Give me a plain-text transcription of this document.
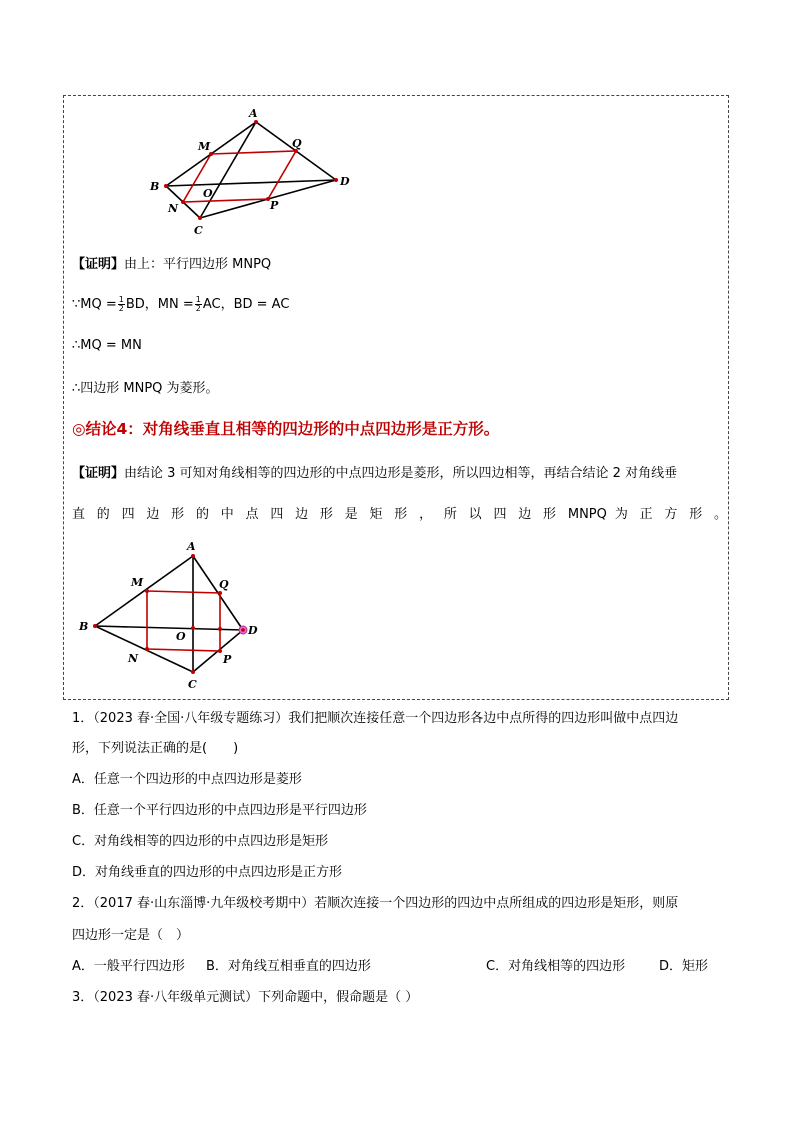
A
M	Q
B
O
D
N	P
C
【证明】由上：平行四边形 MNPQ
∵MQ = $\frac{1}{2}$ BD，MN = $\frac{1}{2}$ AC，BD = AC
∴MQ = MN
∴四边形 MNPQ 为菱形。
◎结论4：对角线垂直且相等的四边形的中点四边形是正方形。
【证明】由结论 3 可知对角线相等的四边形的中点四边形是菱形，所以四边相等，再结合结论 2 对角线垂
直 的 四 边 形 的 中 点 四 边 形 是 矩 形 ， 所 以 四 边 形 MNPQ 为 正 方 形 。
A
M	Q
B
O	D
N	P
C
1．（2023 春·全国·八年级专题练习）我们把顺次连接任意一个四边形各边中点所得的四边形叫做中点四边
形，下列说法正确的是(　　)
A．任意一个四边形的中点四边形是菱形
B．任意一个平行四边形的中点四边形是平行四边形
C．对角线相等的四边形的中点四边形是矩形
D．对角线垂直的四边形的中点四边形是正方形
2．（2017 春·山东淄博·九年级校考期中）若顺次连接一个四边形的四边中点所组成的四边形是矩形，则原
四边形一定是（　）
A．一般平行四边形 B．对角线互相垂直的四边形	C．对角线相等的四边形	D．矩形
3．（2023 春·八年级单元测试）下列命题中，假命题是（ ）
